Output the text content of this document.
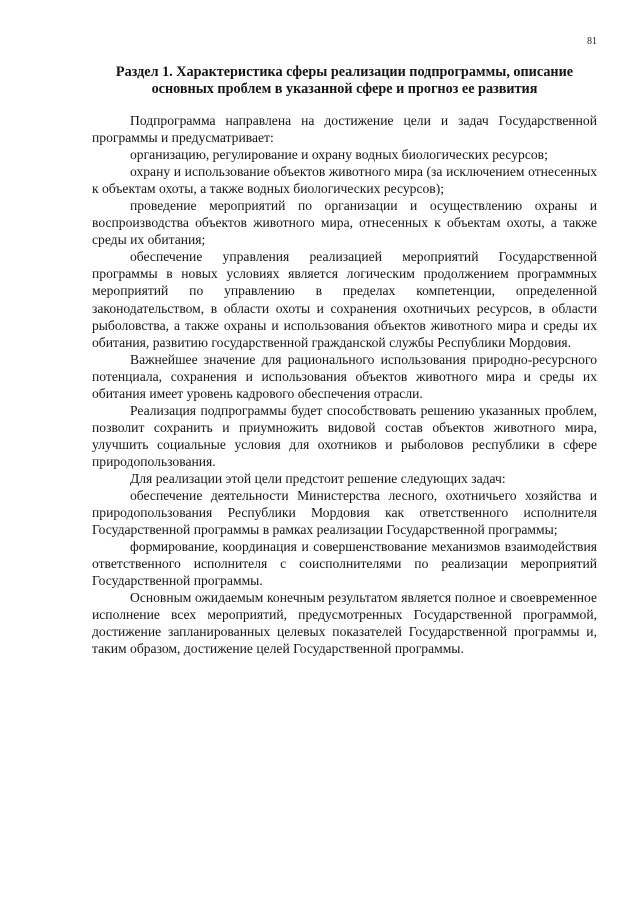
81
Раздел 1. Характеристика сферы реализации подпрограммы, описание основных проблем в указанной сфере и прогноз ее развития

Подпрограмма направлена на достижение цели и задач Государственной программы и предусматривает:

организацию, регулирование и охрану водных биологических ресурсов;

охрану и использование объектов животного мира (за исключением отнесенных к объектам охоты, а также водных биологических ресурсов);

проведение мероприятий по организации и осуществлению охраны и воспроизводства объектов животного мира, отнесенных к объектам охоты, а также среды их обитания;

обеспечение управления реализацией мероприятий Государственной программы в новых условиях является логическим продолжением программных мероприятий по управлению в пределах компетенции, определенной законодательством, в области охоты и сохранения охотничьих ресурсов, в области рыболовства, а также охраны и использования объектов животного мира и среды их обитания, развитию государственной гражданской службы Республики Мордовия.

Важнейшее значение для рационального использования природно-ресурсного потенциала, сохранения и использования объектов животного мира и среды их обитания имеет уровень кадрового обеспечения отрасли.

Реализация подпрограммы будет способствовать решению указанных проблем, позволит сохранить и приумножить видовой состав объектов животного мира, улучшить социальные условия для охотников и рыболовов республики в сфере природопользования.

Для реализации этой цели предстоит решение следующих задач:

обеспечение деятельности Министерства лесного, охотничьего хозяйства и природопользования Республики Мордовия как ответственного исполнителя Государственной программы в рамках реализации Государственной программы;

формирование, координация и совершенствование механизмов взаимодействия ответственного исполнителя с соисполнителями по реализации мероприятий Государственной программы.

Основным ожидаемым конечным результатом является полное и своевременное исполнение всех мероприятий, предусмотренных Государственной программой, достижение запланированных целевых показателей Государственной программы и, таким образом, достижение целей Государственной программы.
